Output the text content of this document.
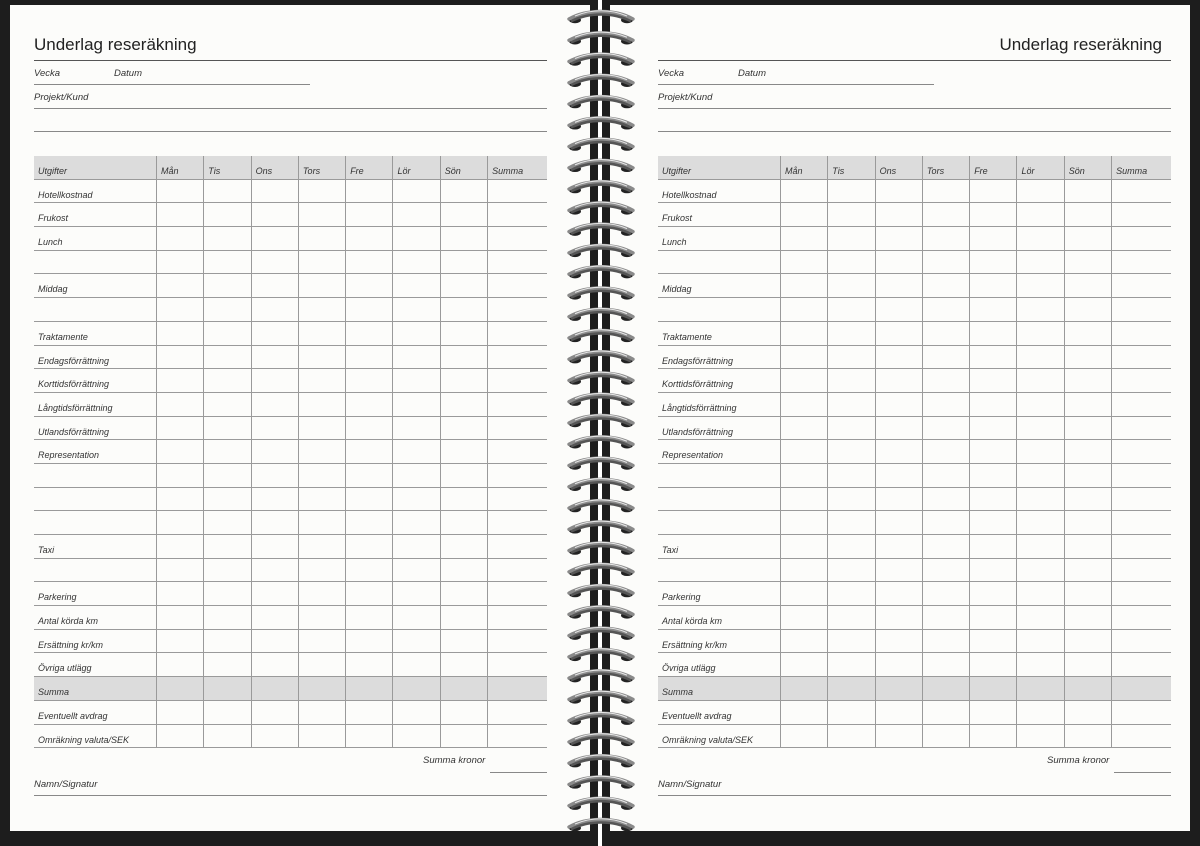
Underlag reseräkning
Vecka	Datum
Projekt/Kund
Utgifter	Mån	Tis	Ons	Tors	Fre	Lör	Sön	Summa
Hotellkostnad
Frukost
Lunch
Middag
Traktamente
Endagsförrättning
Korttidsförrättning
Långtidsförrättning
Utlandsförrättning
Representation
Taxi
Parkering
Antal körda km
Ersättning kr/km
Övriga utlägg
Summa
Eventuellt avdrag
Omräkning valuta/SEK
Summa kronor
Namn/Signatur
Underlag reseräkning
Vecka	Datum
Projekt/Kund
Utgifter	Mån	Tis	Ons	Tors	Fre	Lör	Sön	Summa
Hotellkostnad
Frukost
Lunch
Middag
Traktamente
Endagsförrättning
Korttidsförrättning
Långtidsförrättning
Utlandsförrättning
Representation
Taxi
Parkering
Antal körda km
Ersättning kr/km
Övriga utlägg
Summa
Eventuellt avdrag
Omräkning valuta/SEK
Summa kronor
Namn/Signatur
